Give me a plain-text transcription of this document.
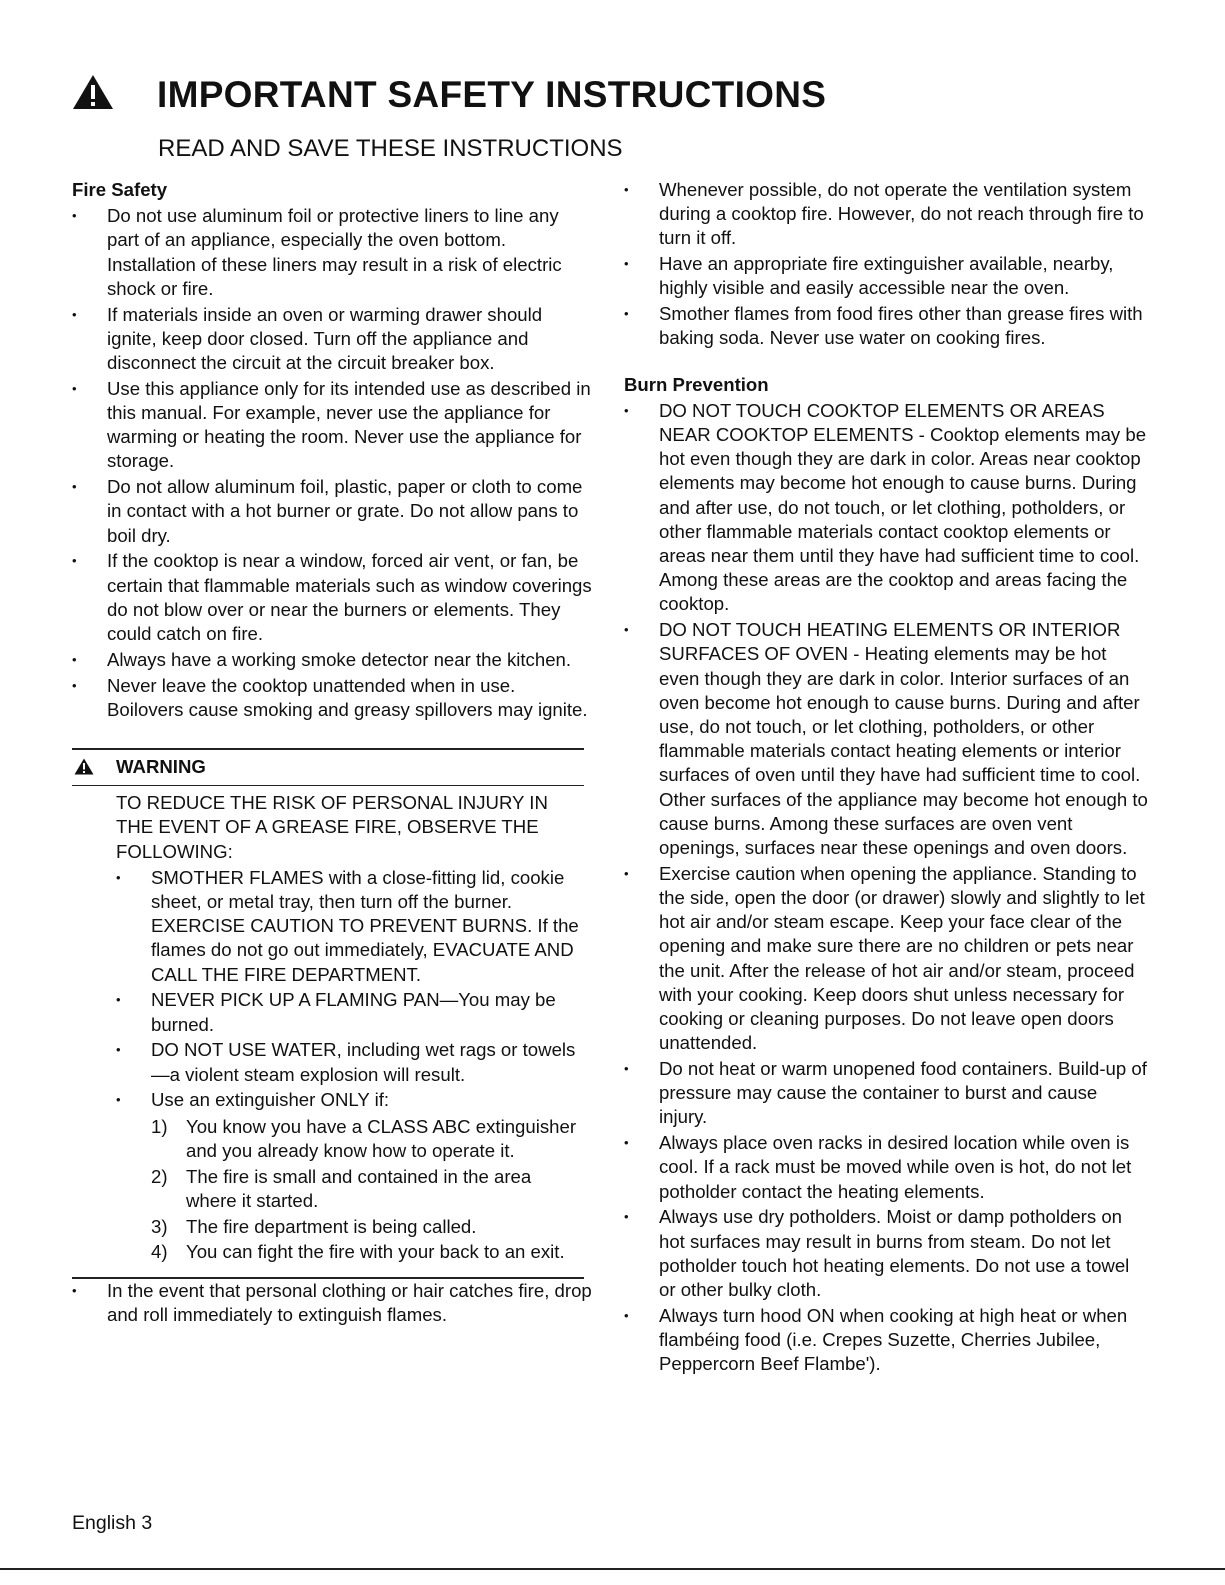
IMPORTANT SAFETY INSTRUCTIONS
READ AND SAVE THESE INSTRUCTIONS
Fire Safety
• Do not use aluminum foil or protective liners to line any part of an appliance, especially the oven bottom. Installation of these liners may result in a risk of electric shock or fire.
• If materials inside an oven or warming drawer should ignite, keep door closed. Turn off the appliance and disconnect the circuit at the circuit breaker box.
• Use this appliance only for its intended use as described in this manual. For example, never use the appliance for warming or heating the room. Never use the appliance for storage.
• Do not allow aluminum foil, plastic, paper or cloth to come in contact with a hot burner or grate. Do not allow pans to boil dry.
• If the cooktop is near a window, forced air vent, or fan, be certain that flammable materials such as window coverings do not blow over or near the burners or elements. They could catch on fire.
• Always have a working smoke detector near the kitchen.
• Never leave the cooktop unattended when in use. Boilovers cause smoking and greasy spillovers may ignite.
WARNING
TO REDUCE THE RISK OF PERSONAL INJURY IN THE EVENT OF A GREASE FIRE, OBSERVE THE FOLLOWING:
• SMOTHER FLAMES with a close-fitting lid, cookie sheet, or metal tray, then turn off the burner. EXERCISE CAUTION TO PREVENT BURNS. If the flames do not go out immediately, EVACUATE AND CALL THE FIRE DEPARTMENT.
• NEVER PICK UP A FLAMING PAN—You may be burned.
• DO NOT USE WATER, including wet rags or towels—a violent steam explosion will result.
• Use an extinguisher ONLY if:
1) You know you have a CLASS ABC extinguisher and you already know how to operate it.
2) The fire is small and contained in the area where it started.
3) The fire department is being called.
4) You can fight the fire with your back to an exit.
• In the event that personal clothing or hair catches fire, drop and roll immediately to extinguish flames.
• Whenever possible, do not operate the ventilation system during a cooktop fire. However, do not reach through fire to turn it off.
• Have an appropriate fire extinguisher available, nearby, highly visible and easily accessible near the oven.
• Smother flames from food fires other than grease fires with baking soda. Never use water on cooking fires.
Burn Prevention
• DO NOT TOUCH COOKTOP ELEMENTS OR AREAS NEAR COOKTOP ELEMENTS - Cooktop elements may be hot even though they are dark in color. Areas near cooktop elements may become hot enough to cause burns. During and after use, do not touch, or let clothing, potholders, or other flammable materials contact cooktop elements or areas near them until they have had sufficient time to cool. Among these areas are the cooktop and areas facing the cooktop.
• DO NOT TOUCH HEATING ELEMENTS OR INTERIOR SURFACES OF OVEN - Heating elements may be hot even though they are dark in color. Interior surfaces of an oven become hot enough to cause burns. During and after use, do not touch, or let clothing, potholders, or other flammable materials contact heating elements or interior surfaces of oven until they have had sufficient time to cool. Other surfaces of the appliance may become hot enough to cause burns. Among these surfaces are oven vent openings, surfaces near these openings and oven doors.
• Exercise caution when opening the appliance. Standing to the side, open the door (or drawer) slowly and slightly to let hot air and/or steam escape. Keep your face clear of the opening and make sure there are no children or pets near the unit. After the release of hot air and/or steam, proceed with your cooking. Keep doors shut unless necessary for cooking or cleaning purposes. Do not leave open doors unattended.
• Do not heat or warm unopened food containers. Build-up of pressure may cause the container to burst and cause injury.
• Always place oven racks in desired location while oven is cool. If a rack must be moved while oven is hot, do not let potholder contact the heating elements.
• Always use dry potholders. Moist or damp potholders on hot surfaces may result in burns from steam. Do not let potholder touch hot heating elements. Do not use a towel or other bulky cloth.
• Always turn hood ON when cooking at high heat or when flambéing food (i.e. Crepes Suzette, Cherries Jubilee, Peppercorn Beef Flambe').
English 3
